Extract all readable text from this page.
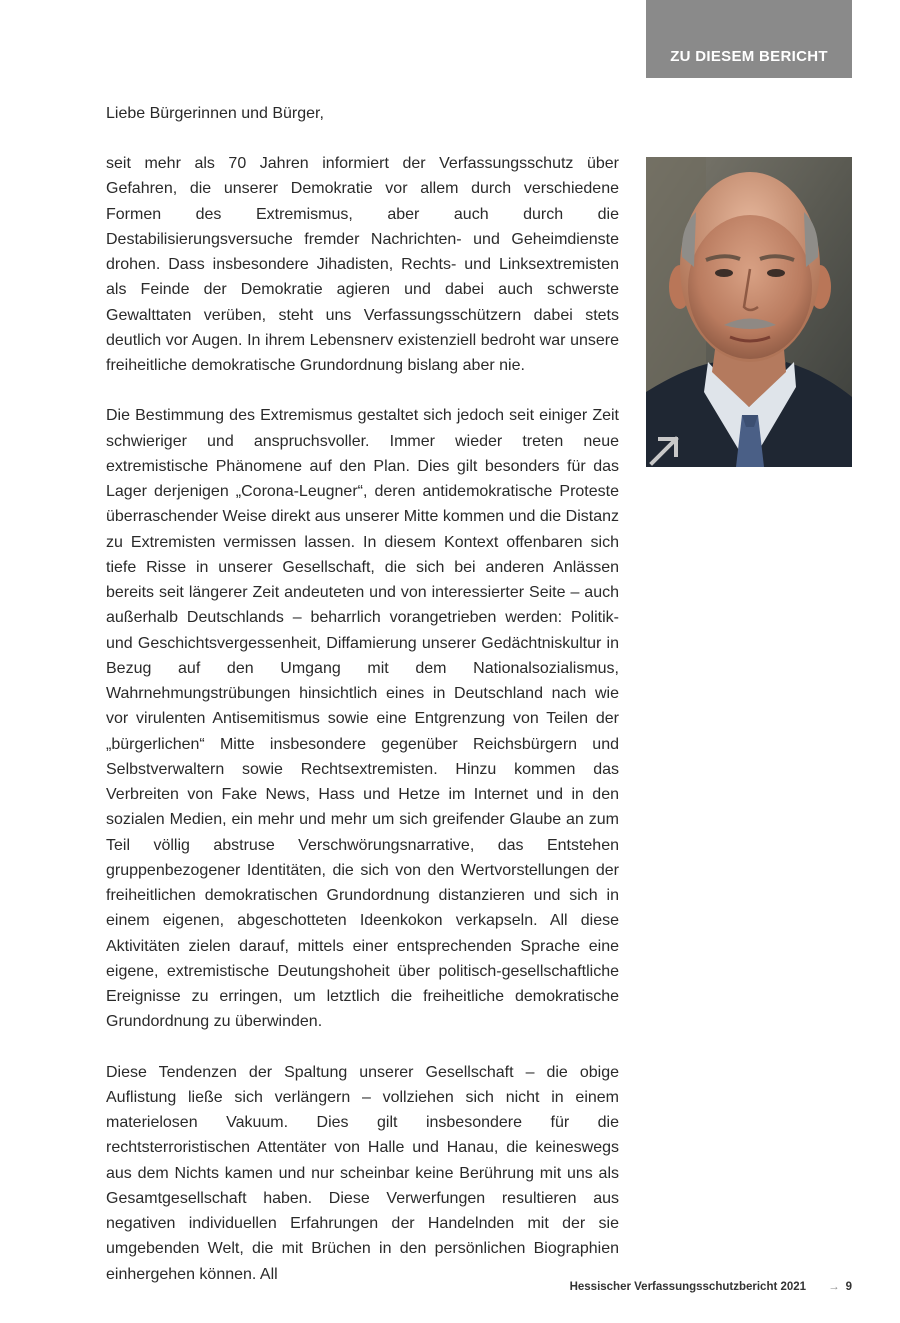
ZU DIESEM BERICHT

Liebe Bürgerinnen und Bürger,

seit mehr als 70 Jahren informiert der Verfassungsschutz über Gefahren, die unserer Demokratie vor allem durch verschiedene Formen des Extremismus, aber auch durch die Destabilisierungsversuche fremder Nachrichten- und Geheimdienste drohen. Dass insbesondere Jihadisten, Rechts- und Linksextremisten als Feinde der Demokratie agieren und dabei auch schwerste Gewalttaten verüben, steht uns Verfassungsschützern dabei stets deutlich vor Augen. In ihrem Lebensnerv existenziell bedroht war unsere freiheitliche demokratische Grundordnung bislang aber nie.

Die Bestimmung des Extremismus gestaltet sich jedoch seit einiger Zeit schwieriger und anspruchsvoller. Immer wieder treten neue extremistische Phänomene auf den Plan. Dies gilt besonders für das Lager derjenigen „Corona-Leugner“, deren antidemokratische Proteste überraschender Weise direkt aus unserer Mitte kommen und die Distanz zu Extremisten vermissen lassen. In diesem Kontext offenbaren sich tiefe Risse in unserer Gesellschaft, die sich bei anderen Anlässen bereits seit längerer Zeit andeuteten und von interessierter Seite – auch außerhalb Deutschlands – beharrlich vorangetrieben werden: Politik- und Geschichtsvergessenheit, Diffamierung unserer Gedächtniskultur in Bezug auf den Umgang mit dem Nationalsozialismus, Wahrnehmungstrübungen hinsichtlich eines in Deutschland nach wie vor virulenten Antisemitismus sowie eine Entgrenzung von Teilen der „bürgerlichen“ Mitte insbesondere gegenüber Reichsbürgern und Selbstverwaltern sowie Rechtsextremisten. Hinzu kommen das Verbreiten von Fake News, Hass und Hetze im Internet und in den sozialen Medien, ein mehr und mehr um sich greifender Glaube an zum Teil völlig abstruse Verschwörungsnarrative, das Entstehen gruppenbezogener Identitäten, die sich von den Wertvorstellungen der freiheitlichen demokratischen Grundordnung distanzieren und sich in einem eigenen, abgeschotteten Ideenkokon verkapseln. All diese Aktivitäten zielen darauf, mittels einer entsprechenden Sprache eine eigene, extremistische Deutungshoheit über politisch-gesellschaftliche Ereignisse zu erringen, um letztlich die freiheitliche demokratische Grundordnung zu überwinden.

Diese Tendenzen der Spaltung unserer Gesellschaft – die obige Auflistung ließe sich verlängern – vollziehen sich nicht in einem materielosen Vakuum. Dies gilt insbesondere für die rechtsterroristischen Attentäter von Halle und Hanau, die keineswegs aus dem Nichts kamen und nur scheinbar keine Berührung mit uns als Gesamtgesellschaft haben. Diese Verwerfungen resultieren aus negativen individuellen Erfahrungen der Handelnden mit der sie umgebenden Welt, die mit Brüchen in den persönlichen Biographien einhergehen können. All

Hessischer Verfassungsschutzbericht 2021 → 9
